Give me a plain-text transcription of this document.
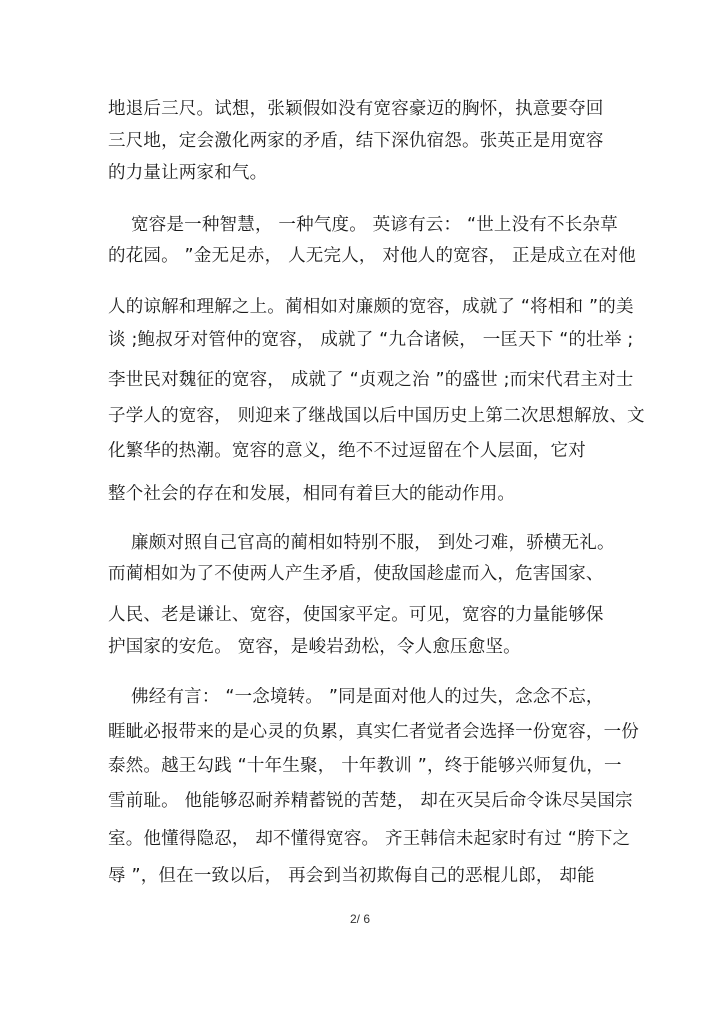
地退后三尺。试想，张颖假如没有宽容豪迈的胸怀，执意要夺回
三尺地，定会激化两家的矛盾，结下深仇宿怨。张英正是用宽容
的力量让两家和气。
宽容是一种智慧， 一种气度。 英谚有云： “世上没有不长杂草
的花园。 ”金无足赤， 人无完人， 对他人的宽容， 正是成立在对他
人的谅解和理解之上。蔺相如对廉颇的宽容，成就了 “将相和 ”的美
谈 ;鲍叔牙对管仲的宽容， 成就了 “九合诸候， 一匡天下 “的壮举 ;
李世民对魏征的宽容， 成就了 “贞观之治 ”的盛世 ;而宋代君主对士
子学人的宽容， 则迎来了继战国以后中国历史上第二次思想解放、文
化繁华的热潮。宽容的意义，绝不不过逗留在个人层面，它对
整个社会的存在和发展，相同有着巨大的能动作用。
廉颇对照自己官高的蔺相如特别不服， 到处刁难，骄横无礼。
而蔺相如为了不使两人产生矛盾，使敌国趁虚而入，危害国家、
人民、老是谦让、宽容，使国家平定。可见，宽容的力量能够保
护国家的安危。 宽容，是峻岩劲松，令人愈压愈坚。
佛经有言： “一念境转。 ”同是面对他人的过失，念念不忘，
睚眦必报带来的是心灵的负累，真实仁者觉者会选择一份宽容，一份
泰然。越王勾践 “十年生聚， 十年教训 ”，终于能够兴师复仇，一
雪前耻。 他能够忍耐养精蓄锐的苦楚， 却在灭吴后命令诛尽吴国宗
室。他懂得隐忍， 却不懂得宽容。 齐王韩信未起家时有过 “胯下之
辱 ”，但在一致以后， 再会到当初欺侮自己的恶棍儿郎， 却能
2/ 6
